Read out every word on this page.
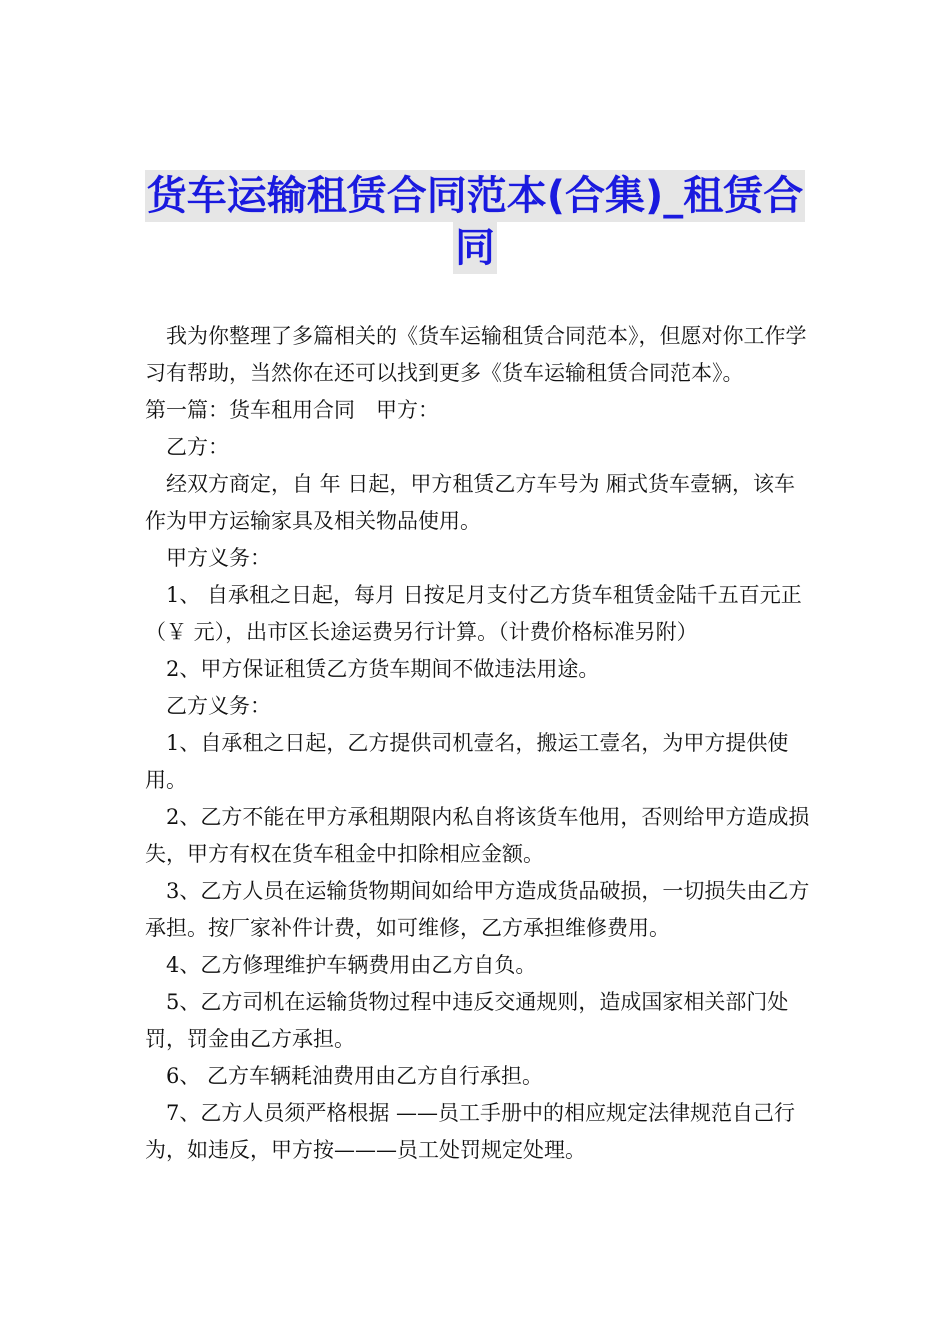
货车运输租赁合同范本(合集)_租赁合
同

　我为你整理了多篇相关的《货车运输租赁合同范本》，但愿对你工作学习有帮助，当然你在还可以找到更多《货车运输租赁合同范本》。

第一篇：货车租用合同　甲方：

　乙方：

　经双方商定，自 年 日起，甲方租赁乙方车号为 厢式货车壹辆，该车作为甲方运输家具及相关物品使用。

　甲方义务：

　1、 自承租之日起，每月 日按足月支付乙方货车租赁金陆千五百元正（￥ 元），出市区长途运费另行计算。（计费价格标准另附）

　2、甲方保证租赁乙方货车期间不做违法用途。

　乙方义务：

　1、自承租之日起，乙方提供司机壹名，搬运工壹名，为甲方提供使用。

　2、乙方不能在甲方承租期限内私自将该货车他用，否则给甲方造成损失，甲方有权在货车租金中扣除相应金额。

　3、乙方人员在运输货物期间如给甲方造成货品破损，一切损失由乙方承担。按厂家补件计费，如可维修，乙方承担维修费用。

　4、乙方修理维护车辆费用由乙方自负。

　5、乙方司机在运输货物过程中违反交通规则，造成国家相关部门处罚，罚金由乙方承担。

　6、 乙方车辆耗油费用由乙方自行承担。

　7、乙方人员须严格根据 ——员工手册中的相应规定法律规范自己行为，如违反，甲方按———员工处罚规定处理。
